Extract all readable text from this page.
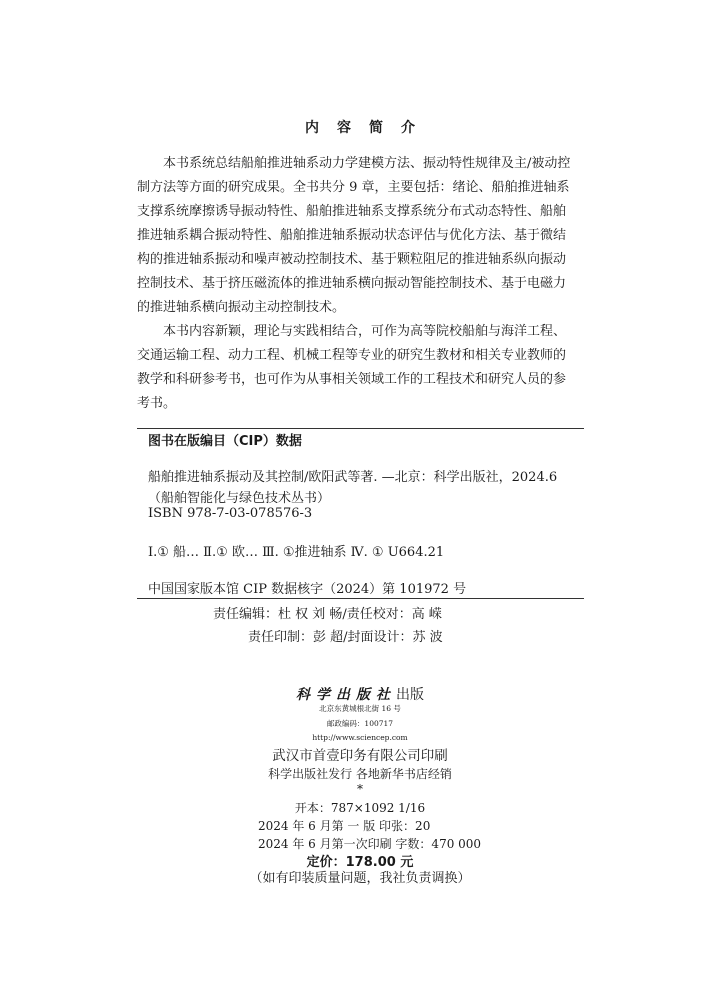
内容简介
本书系统总结船舶推进轴系动力学建模方法、振动特性规律及主/被动控
制方法等方面的研究成果。全书共分 9 章，主要包括：绪论、船舶推进轴系
支撑系统摩擦诱导振动特性、船舶推进轴系支撑系统分布式动态特性、船舶
推进轴系耦合振动特性、船舶推进轴系振动状态评估与优化方法、基于微结
构的推进轴系振动和噪声被动控制技术、基于颗粒阻尼的推进轴系纵向振动
控制技术、基于挤压磁流体的推进轴系横向振动智能控制技术、基于电磁力
的推进轴系横向振动主动控制技术。
本书内容新颖，理论与实践相结合，可作为高等院校船舶与海洋工程、
交通运输工程、动力工程、机械工程等专业的研究生教材和相关专业教师的
教学和科研参考书，也可作为从事相关领域工作的工程技术和研究人员的参
考书。
图书在版编目（CIP）数据
船舶推进轴系振动及其控制/欧阳武等著. —北京：科学出版社，2024.6
（船舶智能化与绿色技术丛书）
ISBN 978-7-03-078576-3
Ⅰ.① 船… Ⅱ.① 欧… Ⅲ. ①推进轴系 Ⅳ. ① U664.21
中国国家版本馆 CIP 数据核字（2024）第 101972 号
责任编辑：杜 权 刘 畅/责任校对：高 嵘
责任印制：彭 超/封面设计：苏 波
科学出版社出版
北京东黄城根北街 16 号
邮政编码：100717
http://www.sciencep.com
武汉市首壹印务有限公司印刷
科学出版社发行 各地新华书店经销
*
开本：787×1092 1/16
2024 年 6 月第 一 版 印张：20
2024 年 6 月第一次印刷 字数：470 000
定价：178.00 元
（如有印装质量问题，我社负责调换）
